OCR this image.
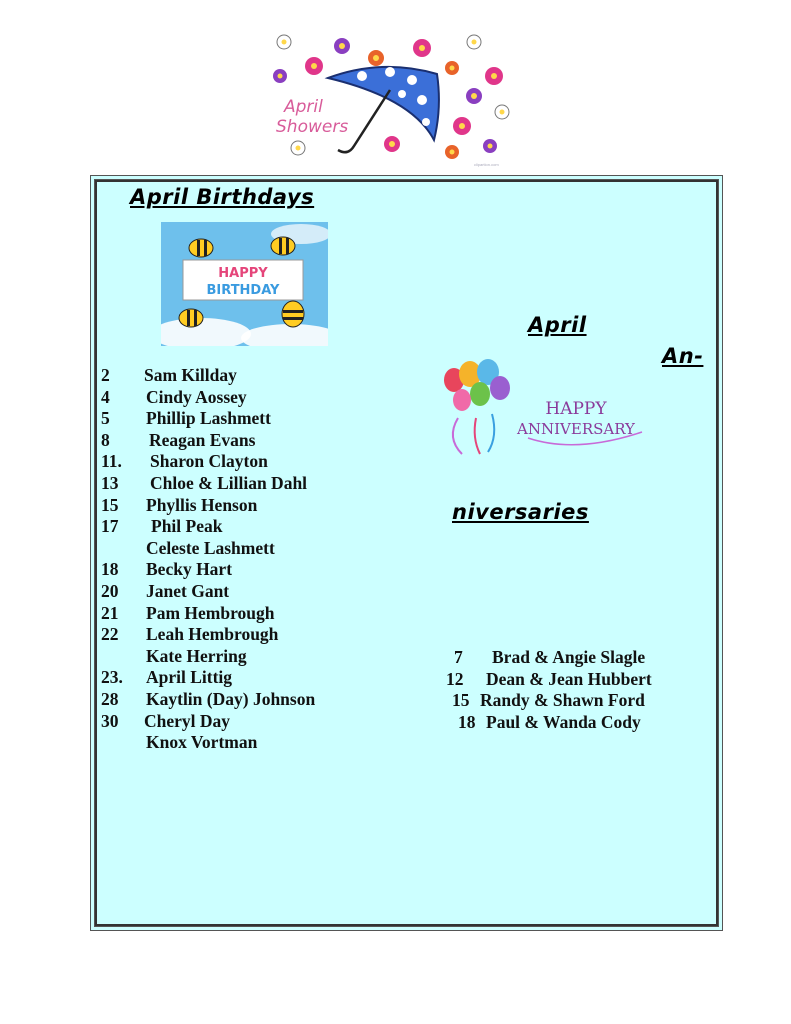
April
Showers
clipartion.com
April Birthdays
HAPPY
BIRTHDAY
2 Sam Killday
4 Cindy Aossey
5 Phillip Lashmett
8 Reagan Evans
11. Sharon Clayton
13 Chloe & Lillian Dahl
15 Phyllis Henson
17 Phil Peak
Celeste Lashmett
18 Becky Hart
20 Janet Gant
21 Pam Hembrough
22 Leah Hembrough
Kate Herring
23. April Littig
28 Kaytlin (Day) Johnson
30 Cheryl Day
Knox Vortman
April
An-
niversaries
HAPPY
ANNIVERSARY
7 Brad & Angie Slagle
12 Dean & Jean Hubbert
15 Randy & Shawn Ford
18 Paul & Wanda Cody
